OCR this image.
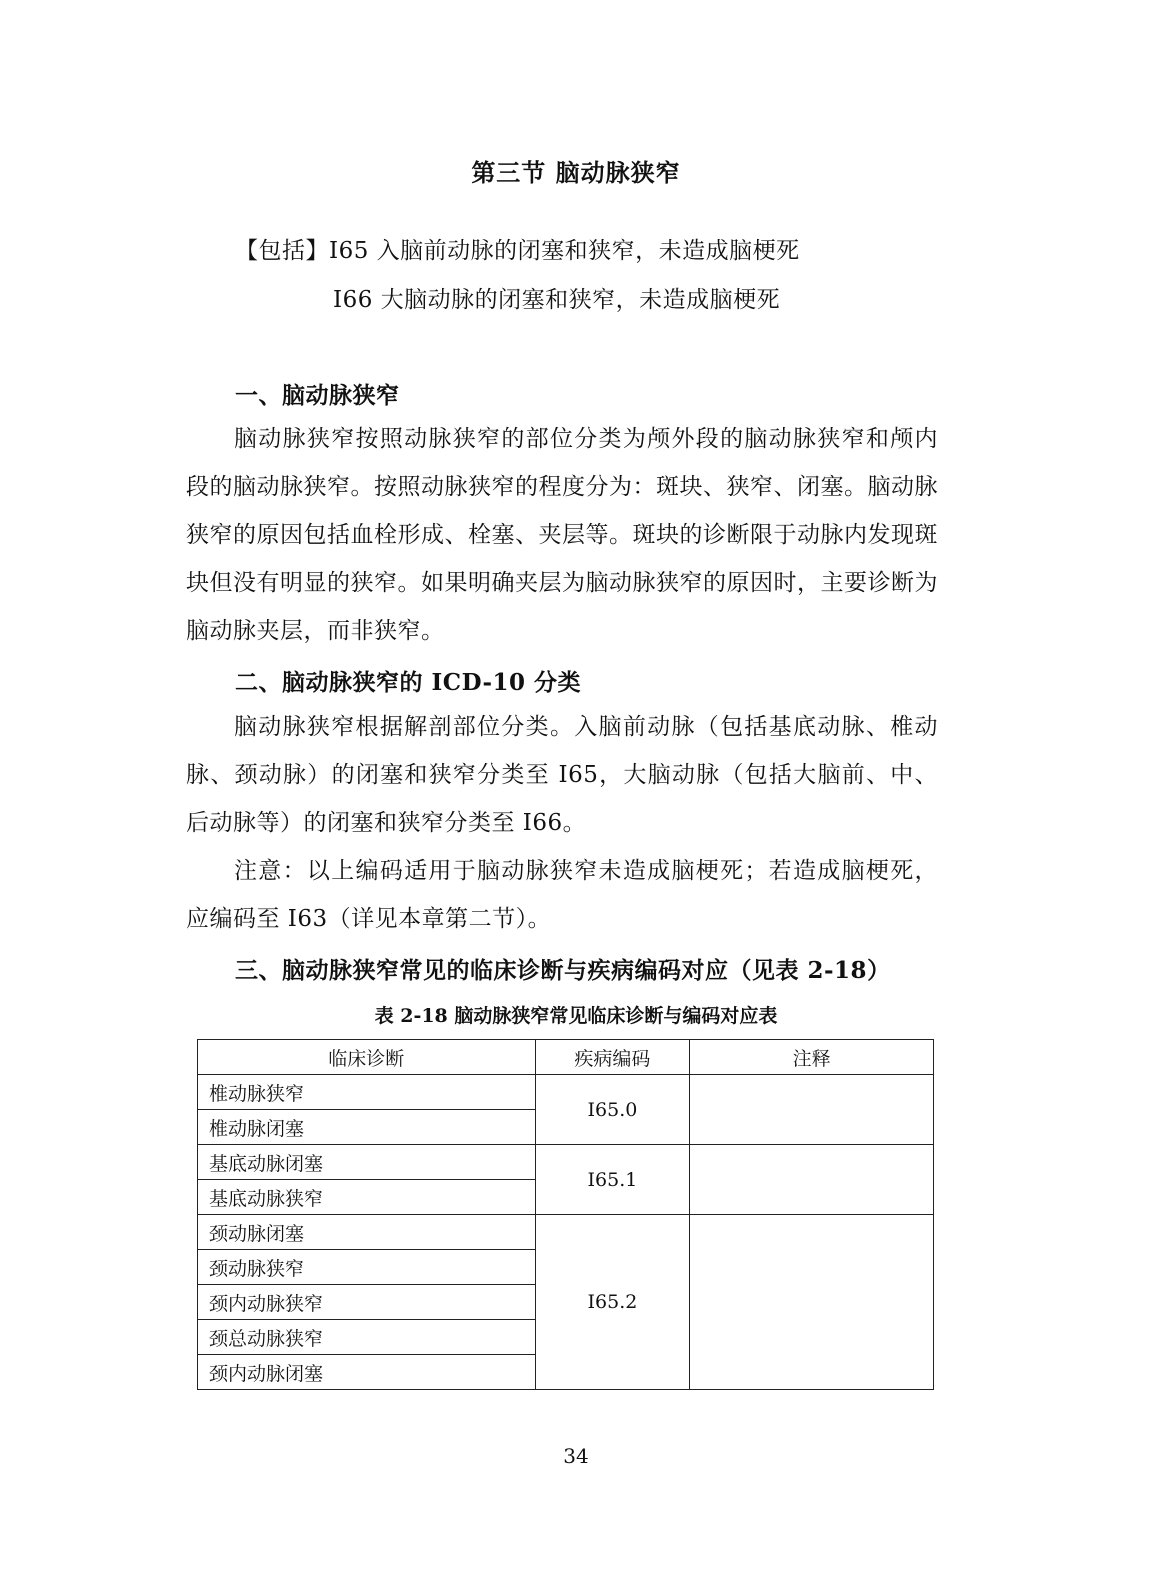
第三节 脑动脉狭窄
【包括】I65 入脑前动脉的闭塞和狭窄，未造成脑梗死
I66 大脑动脉的闭塞和狭窄，未造成脑梗死
一、脑动脉狭窄

脑动脉狭窄按照动脉狭窄的部位分类为颅外段的脑动脉狭窄和颅内段的脑动脉狭窄。按照动脉狭窄的程度分为：斑块、狭窄、闭塞。脑动脉狭窄的原因包括血栓形成、栓塞、夹层等。斑块的诊断限于动脉内发现斑块但没有明显的狭窄。如果明确夹层为脑动脉狭窄的原因时，主要诊断为脑动脉夹层，而非狭窄。

二、脑动脉狭窄的 ICD-10 分类

脑动脉狭窄根据解剖部位分类。入脑前动脉（包括基底动脉、椎动脉、颈动脉）的闭塞和狭窄分类至 I65，大脑动脉（包括大脑前、中、后动脉等）的闭塞和狭窄分类至 I66。

注意：以上编码适用于脑动脉狭窄未造成脑梗死；若造成脑梗死，应编码至 I63（详见本章第二节）。

三、脑动脉狭窄常见的临床诊断与疾病编码对应（见表 2-18）
表 2-18 脑动脉狭窄常见临床诊断与编码对应表
临床诊断	疾病编码	注释
椎动脉狭窄	I65.0	
椎动脉闭塞		
基底动脉闭塞	I65.1	
基底动脉狭窄		
颈动脉闭塞	I65.2	
颈动脉狭窄		
颈内动脉狭窄		
颈总动脉狭窄		
颈内动脉闭塞		
34
